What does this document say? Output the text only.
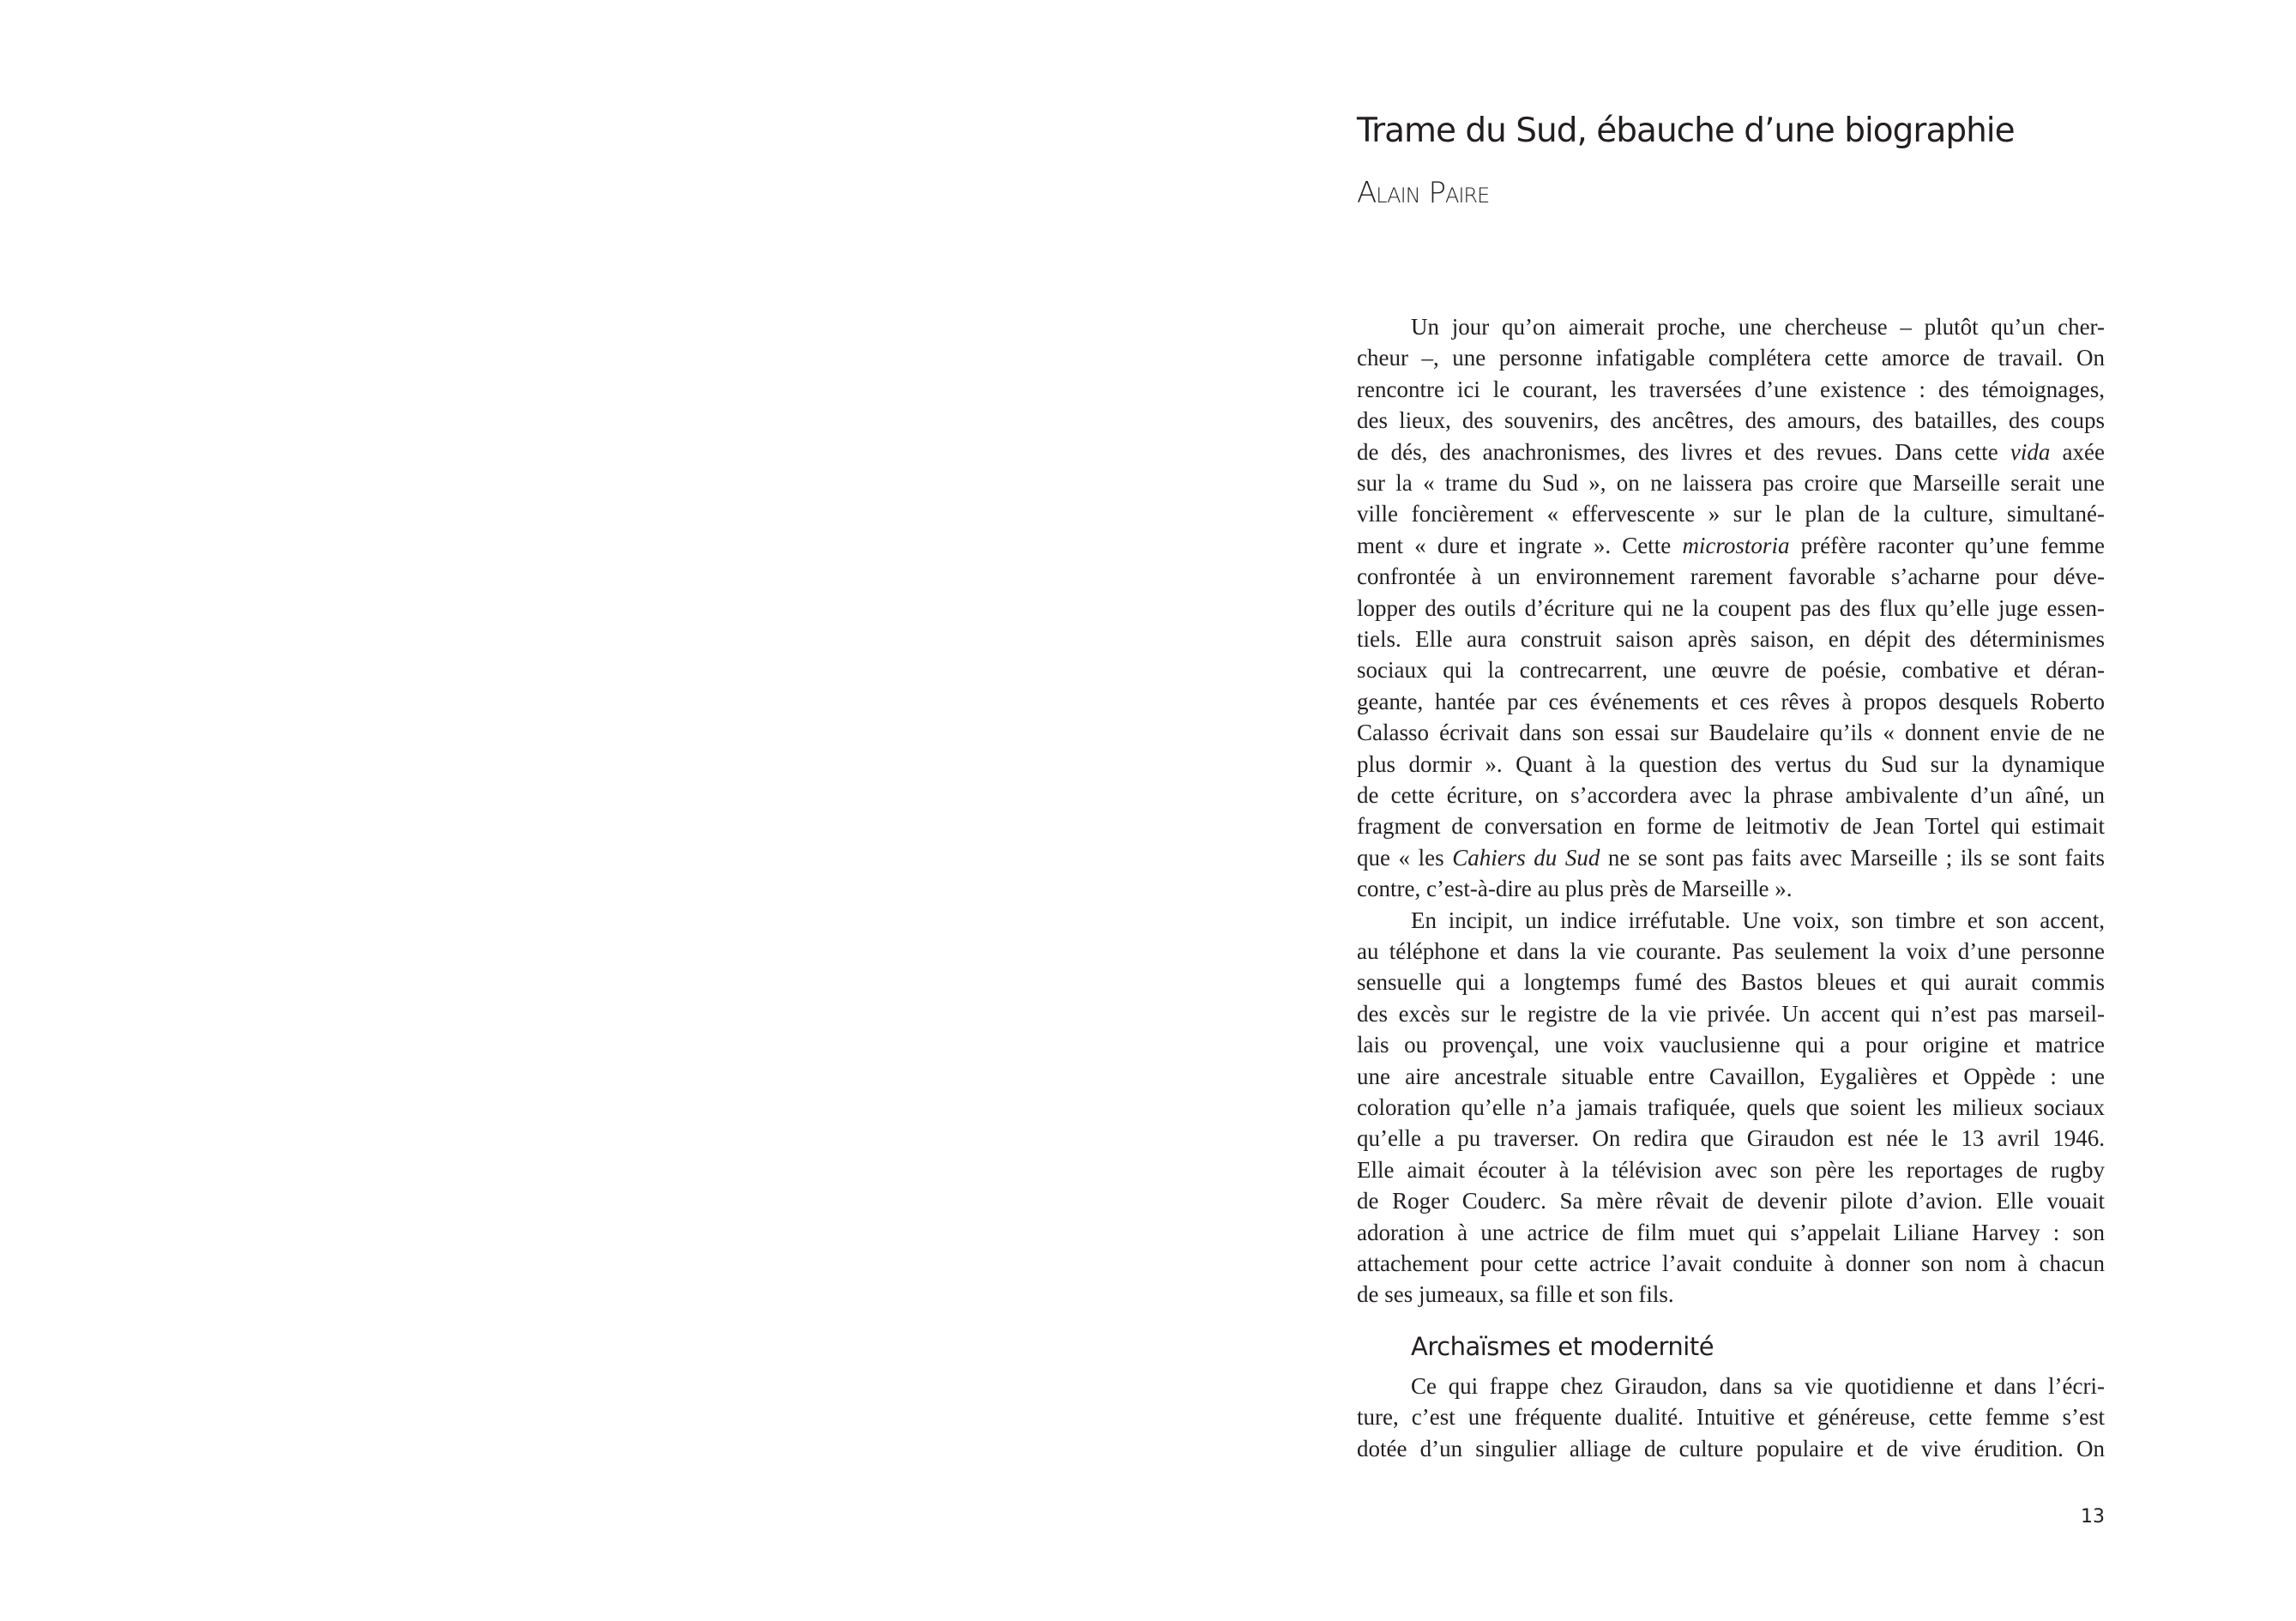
Trame du Sud, ébauche d’une biographie
Alain Paire
Un jour qu’on aimerait proche, une chercheuse – plutôt qu’un cher-
cheur –, une personne infatigable complétera cette amorce de travail. On
rencontre ici le courant, les traversées d’une existence : des témoignages,
des lieux, des souvenirs, des ancêtres, des amours, des batailles, des coups
de dés, des anachronismes, des livres et des revues. Dans cette vida axée
sur la « trame du Sud », on ne laissera pas croire que Marseille serait une
ville foncièrement « effervescente » sur le plan de la culture, simultané-
ment « dure et ingrate ». Cette microstoria préfère raconter qu’une femme
confrontée à un environnement rarement favorable s’acharne pour déve-
lopper des outils d’écriture qui ne la coupent pas des flux qu’elle juge essen-
tiels. Elle aura construit saison après saison, en dépit des déterminismes
sociaux qui la contrecarrent, une œuvre de poésie, combative et déran-
geante, hantée par ces événements et ces rêves à propos desquels Roberto
Calasso écrivait dans son essai sur Baudelaire qu’ils « donnent envie de ne
plus dormir ». Quant à la question des vertus du Sud sur la dynamique
de cette écriture, on s’accordera avec la phrase ambivalente d’un aîné, un
fragment de conversation en forme de leitmotiv de Jean Tortel qui estimait
que « les Cahiers du Sud ne se sont pas faits avec Marseille ; ils se sont faits
contre, c’est-à-dire au plus près de Marseille ».
En incipit, un indice irréfutable. Une voix, son timbre et son accent,
au téléphone et dans la vie courante. Pas seulement la voix d’une personne
sensuelle qui a longtemps fumé des Bastos bleues et qui aurait commis
des excès sur le registre de la vie privée. Un accent qui n’est pas marseil-
lais ou provençal, une voix vauclusienne qui a pour origine et matrice
une aire ancestrale situable entre Cavaillon, Eygalières et Oppède : une
coloration qu’elle n’a jamais trafiquée, quels que soient les milieux sociaux
qu’elle a pu traverser. On redira que Giraudon est née le 13 avril 1946.
Elle aimait écouter à la télévision avec son père les reportages de rugby
de Roger Couderc. Sa mère rêvait de devenir pilote d’avion. Elle vouait
adoration à une actrice de film muet qui s’appelait Liliane Harvey : son
attachement pour cette actrice l’avait conduite à donner son nom à chacun
de ses jumeaux, sa fille et son fils.
Ce qui frappe chez Giraudon, dans sa vie quotidienne et dans l’écri-
ture, c’est une fréquente dualité. Intuitive et généreuse, cette femme s’est
dotée d’un singulier alliage de culture populaire et de vive érudition. On
Archaïsmes et modernité
13
